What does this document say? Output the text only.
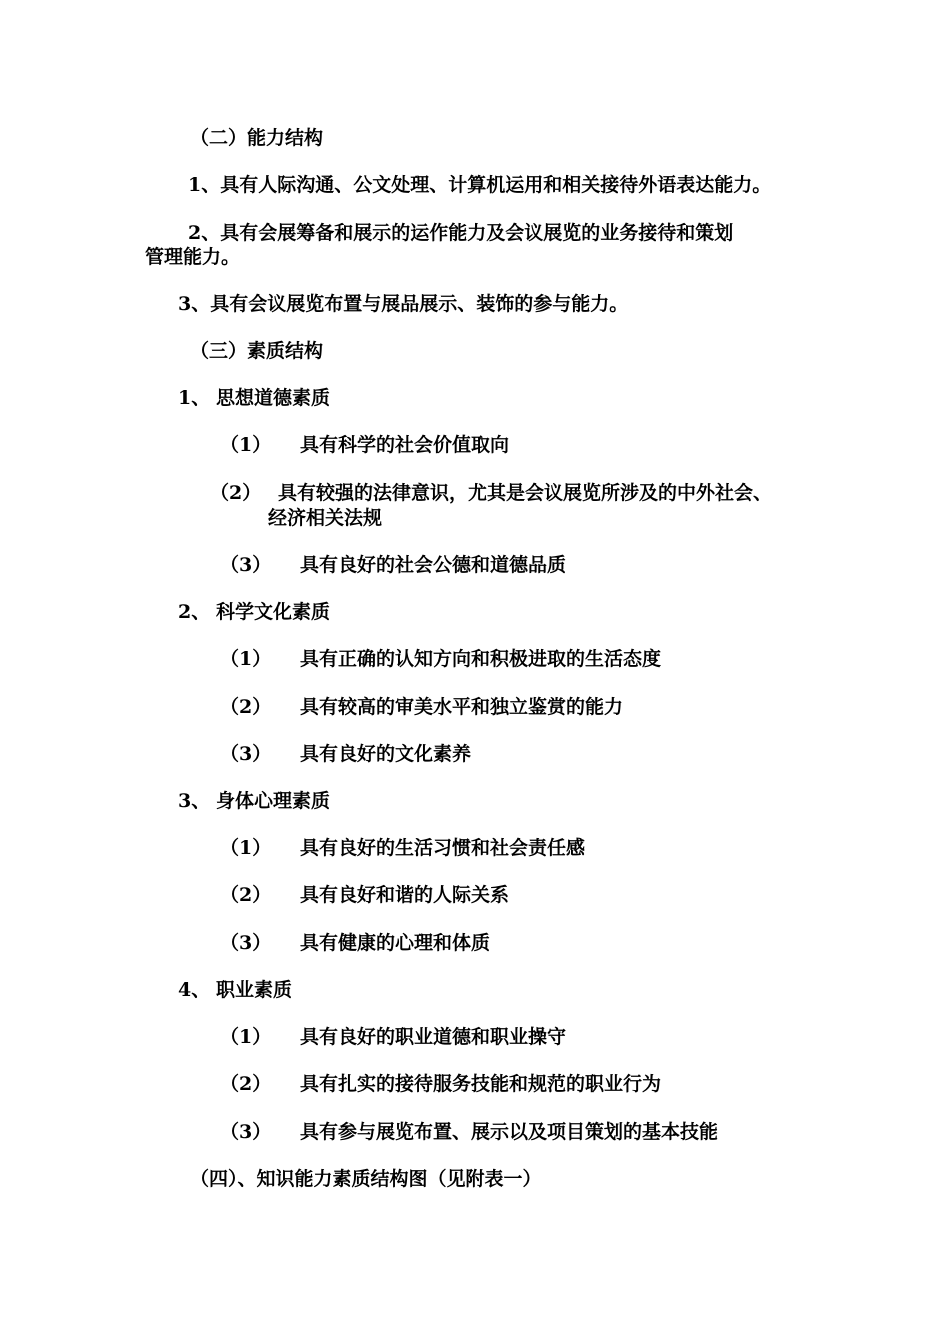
（二）能力结构
1、具有人际沟通、公文处理、计算机运用和相关接待外语表达能力。
2、具有会展筹备和展示的运作能力及会议展览的业务接待和策划
管理能力。
3、具有会议展览布置与展品展示、装饰的参与能力。
（三）素质结构
1、 思想道德素质
（1） 具有科学的社会价值取向
（2） 具有较强的法律意识，尤其是会议展览所涉及的中外社会、
经济相关法规
（3） 具有良好的社会公德和道德品质
2、 科学文化素质
（1） 具有正确的认知方向和积极进取的生活态度
（2） 具有较高的审美水平和独立鉴赏的能力
（3） 具有良好的文化素养
3、 身体心理素质
（1） 具有良好的生活习惯和社会责任感
（2） 具有良好和谐的人际关系
（3） 具有健康的心理和体质
4、 职业素质
（1） 具有良好的职业道德和职业操守
（2） 具有扎实的接待服务技能和规范的职业行为
（3） 具有参与展览布置、展示以及项目策划的基本技能
（四）、知识能力素质结构图（见附表一）
